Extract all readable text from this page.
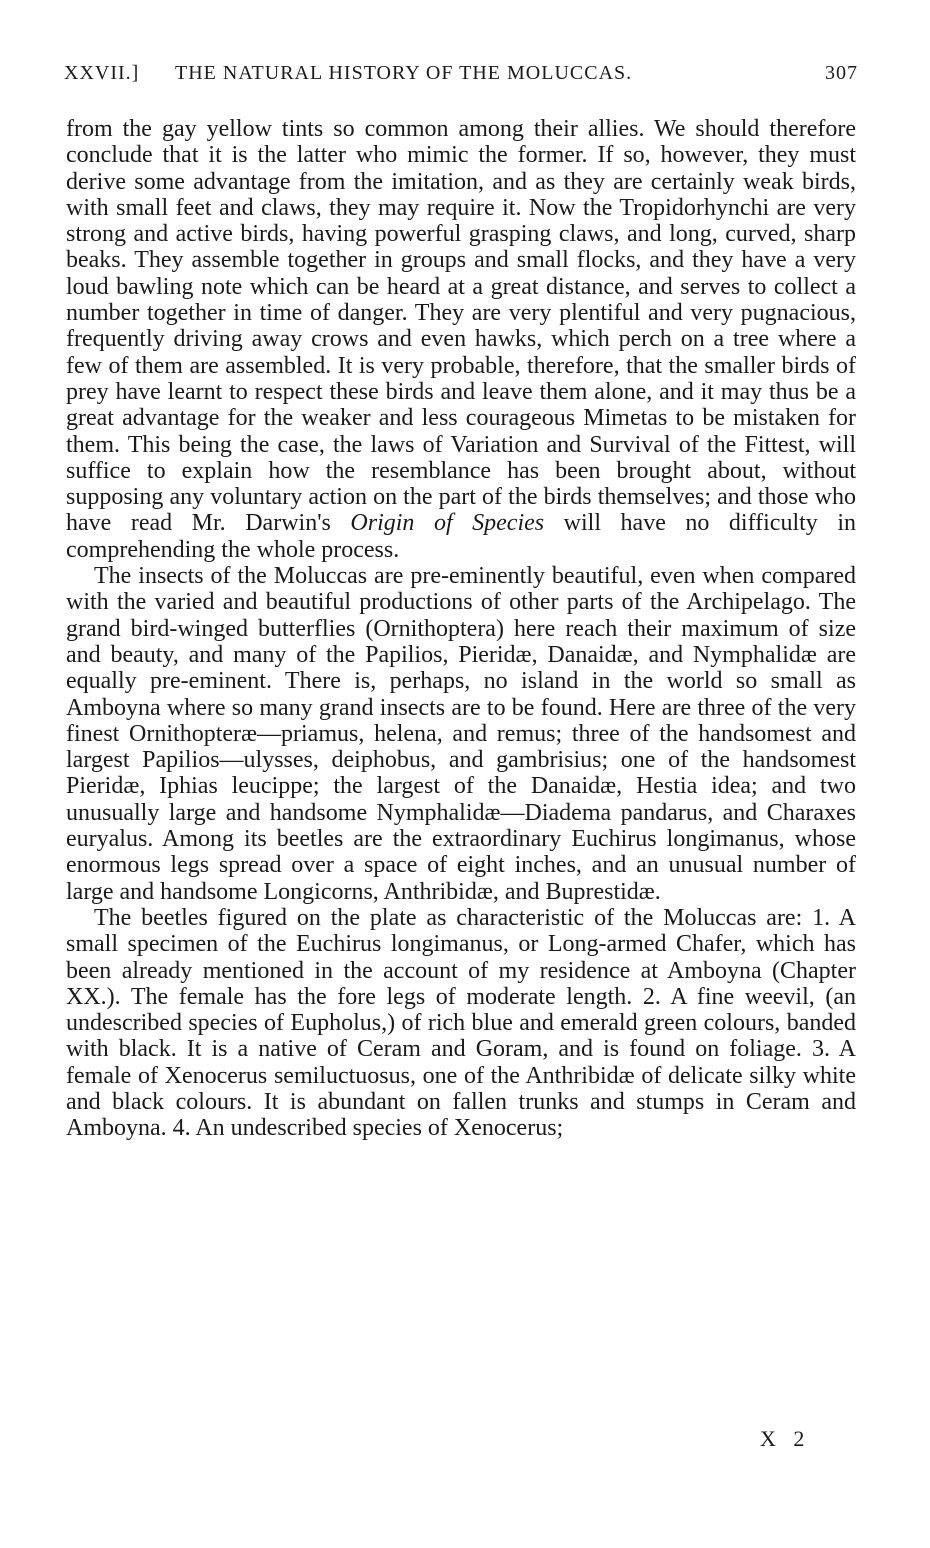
XXVII.] THE NATURAL HISTORY OF THE MOLUCCAS.	307

from the gay yellow tints so common among their allies. We should therefore conclude that it is the latter who mimic the former. If so, however, they must derive some advantage from the imitation, and as they are certainly weak birds, with small feet and claws, they may require it. Now the Tropidorhynchi are very strong and active birds, having powerful grasping claws, and long, curved, sharp beaks. They assemble together in groups and small flocks, and they have a very loud bawling note which can be heard at a great distance, and serves to collect a number together in time of danger. They are very plentiful and very pugnacious, frequently driving away crows and even hawks, which perch on a tree where a few of them are assembled. It is very probable, therefore, that the smaller birds of prey have learnt to respect these birds and leave them alone, and it may thus be a great advantage for the weaker and less courageous Mimetas to be mistaken for them. This being the case, the laws of Variation and Survival of the Fittest, will suffice to explain how the resemblance has been brought about, without supposing any voluntary action on the part of the birds themselves; and those who have read Mr. Darwin's Origin of Species will have no difficulty in comprehending the whole process.

The insects of the Moluccas are pre-eminently beautiful, even when compared with the varied and beautiful productions of other parts of the Archipelago. The grand bird-winged butterflies (Ornithoptera) here reach their maximum of size and beauty, and many of the Papilios, Pieridæ, Danaidæ, and Nymphalidæ are equally pre-eminent. There is, perhaps, no island in the world so small as Amboyna where so many grand insects are to be found. Here are three of the very finest Ornithopteræ—priamus, helena, and remus; three of the handsomest and largest Papilios—ulysses, deiphobus, and gambrisius; one of the handsomest Pieridæ, Iphias leucippe; the largest of the Danaidæ, Hestia idea; and two unusually large and handsome Nymphalidæ—Diadema pandarus, and Charaxes euryalus. Among its beetles are the extraordinary Euchirus longimanus, whose enormous legs spread over a space of eight inches, and an unusual number of large and handsome Longicorns, Anthribidæ, and Buprestidæ.

The beetles figured on the plate as characteristic of the Moluccas are: 1. A small specimen of the Euchirus longimanus, or Long-armed Chafer, which has been already mentioned in the account of my residence at Amboyna (Chapter XX.). The female has the fore legs of moderate length. 2. A fine weevil, (an undescribed species of Eupholus,) of rich blue and emerald green colours, banded with black. It is a native of Ceram and Goram, and is found on foliage. 3. A female of Xenocerus semiluctuosus, one of the Anthribidæ of delicate silky white and black colours. It is abundant on fallen trunks and stumps in Ceram and Amboyna. 4. An undescribed species of Xenocerus;

X 2
